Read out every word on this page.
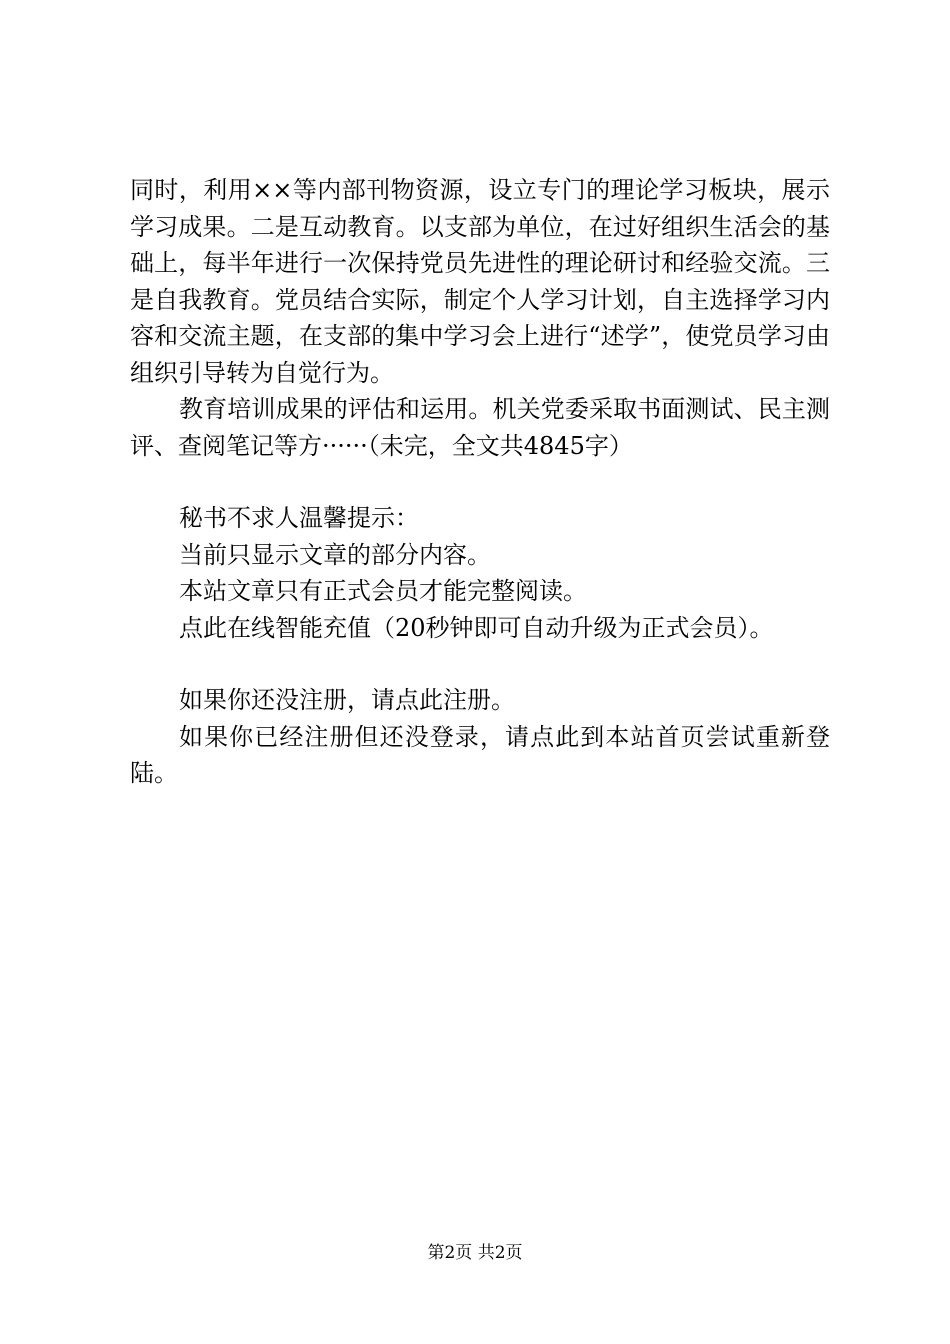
同时，利用××等内部刊物资源，设立专门的理论学习板块，展示学习成果。二是互动教育。以支部为单位，在过好组织生活会的基础上，每半年进行一次保持党员先进性的理论研讨和经验交流。三是自我教育。党员结合实际，制定个人学习计划，自主选择学习内容和交流主题，在支部的集中学习会上进行“述学”，使党员学习由组织引导转为自觉行为。

教育培训成果的评估和运用。机关党委采取书面测试、民主测评、查阅笔记等方······（未完，全文共4845字）

秘书不求人温馨提示：

当前只显示文章的部分内容。

本站文章只有正式会员才能完整阅读。

点此在线智能充值（20秒钟即可自动升级为正式会员）。

如果你还没注册，请点此注册。

如果你已经注册但还没登录，请点此到本站首页尝试重新登陆。

第2页 共2页
